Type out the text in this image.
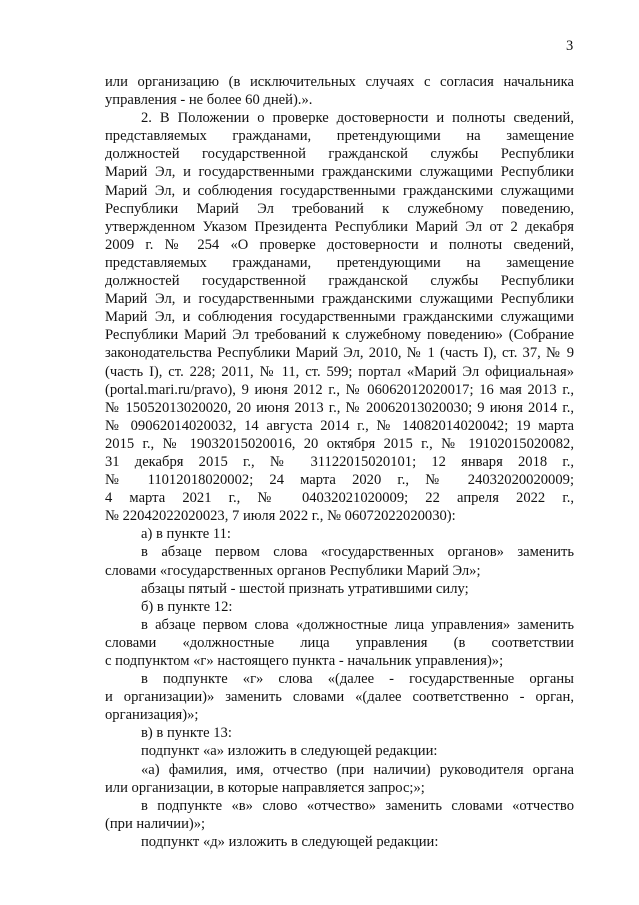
3
или организацию (в исключительных случаях с согласия начальника
управления - не более 60 дней).».
2. В Положении о проверке достоверности и полноты сведений,
представляемых гражданами, претендующими на замещение
должностей государственной гражданской службы Республики
Марий Эл, и государственными гражданскими служащими Республики
Марий Эл, и соблюдения государственными гражданскими служащими
Республики Марий Эл требований к служебному поведению,
утвержденном Указом Президента Республики Марий Эл от 2 декабря
2009 г. № 254 «О проверке достоверности и полноты сведений,
представляемых гражданами, претендующими на замещение
должностей государственной гражданской службы Республики
Марий Эл, и государственными гражданскими служащими Республики
Марий Эл, и соблюдения государственными гражданскими служащими
Республики Марий Эл требований к служебному поведению» (Собрание
законодательства Республики Марий Эл, 2010, № 1 (часть I), ст. 37, № 9
(часть I), ст. 228; 2011, № 11, ст. 599; портал «Марий Эл официальная»
(portal.mari.ru/pravo), 9 июня 2012 г., № 06062012020017; 16 мая 2013 г.,
№ 15052013020020, 20 июня 2013 г., № 20062013020030; 9 июня 2014 г.,
№ 09062014020032, 14 августа 2014 г., № 14082014020042; 19 марта
2015 г., № 19032015020016, 20 октября 2015 г., № 19102015020082,
31 декабря 2015 г., № 31122015020101; 12 января 2018 г.,
№ 11012018020002; 24 марта 2020 г., № 24032020020009;
4 марта 2021 г., № 04032021020009; 22 апреля 2022 г.,
№ 22042022020023, 7 июля 2022 г., № 06072022020030):
а) в пункте 11:
в абзаце первом слова «государственных органов» заменить
словами «государственных органов Республики Марий Эл»;
абзацы пятый - шестой признать утратившими силу;
б) в пункте 12:
в абзаце первом слова «должностные лица управления» заменить
словами «должностные лица управления (в соответствии
с подпунктом «г» настоящего пункта - начальник управления)»;
в подпункте «г» слова «(далее - государственные органы
и организации)» заменить словами «(далее соответственно - орган,
организация)»;
в) в пункте 13:
подпункт «а» изложить в следующей редакции:
«а) фамилия, имя, отчество (при наличии) руководителя органа
или организации, в которые направляется запрос;»;
в подпункте «в» слово «отчество» заменить словами «отчество
(при наличии)»;
подпункт «д» изложить в следующей редакции:
